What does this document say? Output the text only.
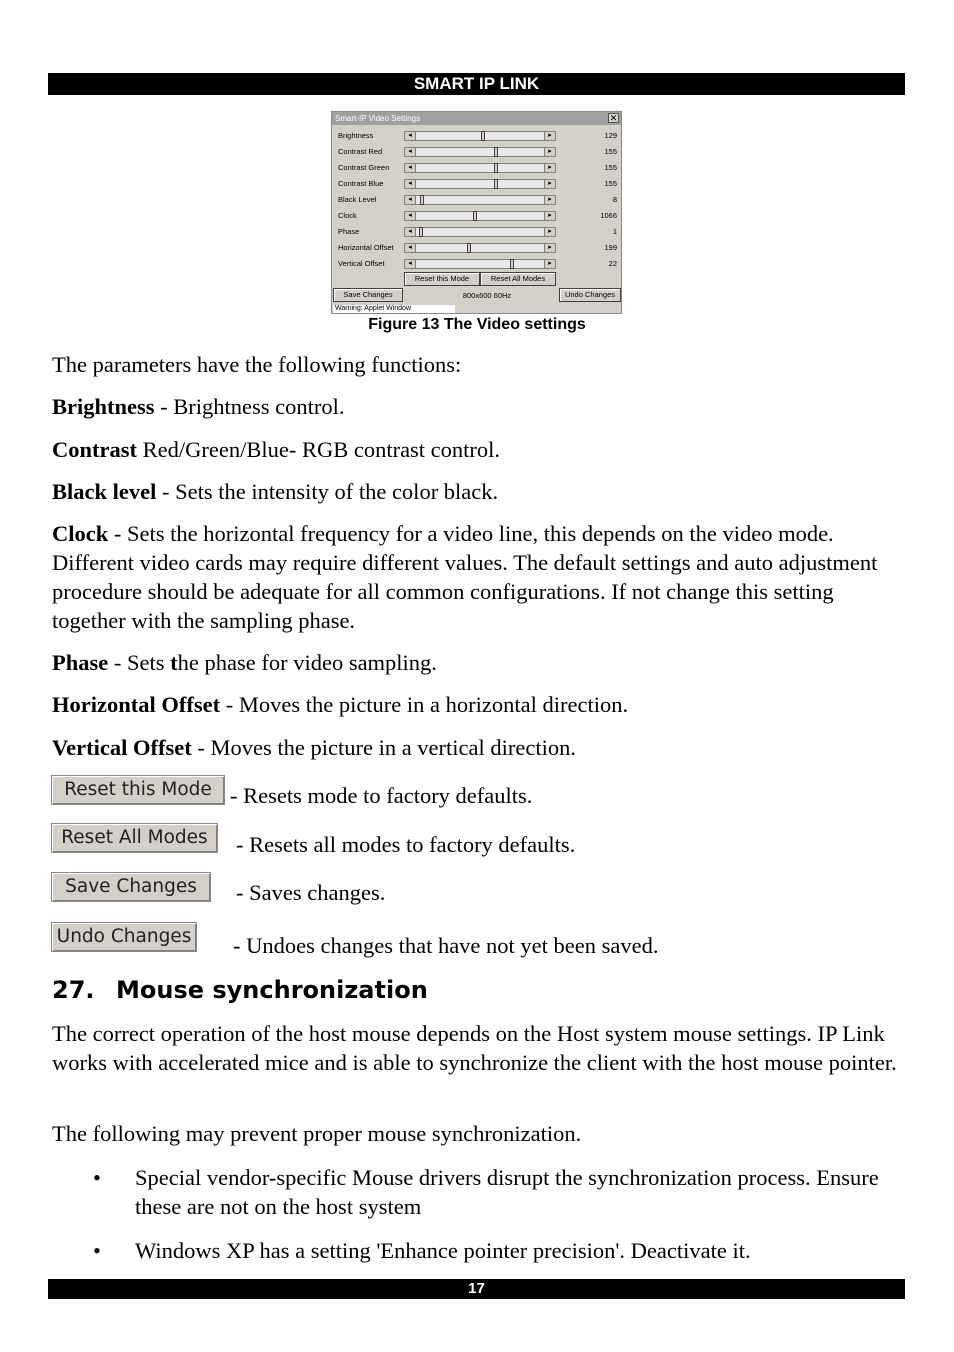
SMART IP LINK
Smart-IP Video Settings	✕
Brightness	◂	▸	129
Contrast Red	◂	▸	155
Contrast Green	◂	▸	155
Contrast Blue	◂	▸	155
Black Level	◂	▸	8
Clock	◂	▸	1066
Phase	◂	▸	1
Horizontal Offset	◂	▸	199
Vertical Offset	◂	▸	22
Reset this Mode	Reset All Modes
Save Changes	800x600 60Hz	Undo Changes
Warning: Applet Window
Figure 13 The Video settings

The parameters have the following functions:

Brightness - Brightness control.

Contrast Red/Green/Blue- RGB contrast control.

Black level - Sets the intensity of the color black.

Clock - Sets the horizontal frequency for a video line, this depends on the video mode. Different video cards may require different values. The default settings and auto adjustment procedure should be adequate for all common configurations. If not change this setting together with the sampling phase.

Phase - Sets the phase for video sampling.

Horizontal Offset - Moves the picture in a horizontal direction.

Vertical Offset - Moves the picture in a vertical direction.

Reset this Mode - Resets mode to factory defaults.
Reset All Modes	- Resets all modes to factory defaults.
Save Changes	- Saves changes.
Undo Changes - Undoes changes that have not yet been saved.
27. Mouse synchronization

The correct operation of the host mouse depends on the Host system mouse settings. IP Link works with accelerated mice and is able to synchronize the client with the host mouse pointer.

The following may prevent proper mouse synchronization.

• Special vendor-specific Mouse drivers disrupt the synchronization process. Ensure these are not on the host system
• Windows XP has a setting 'Enhance pointer precision'. Deactivate it.
17
